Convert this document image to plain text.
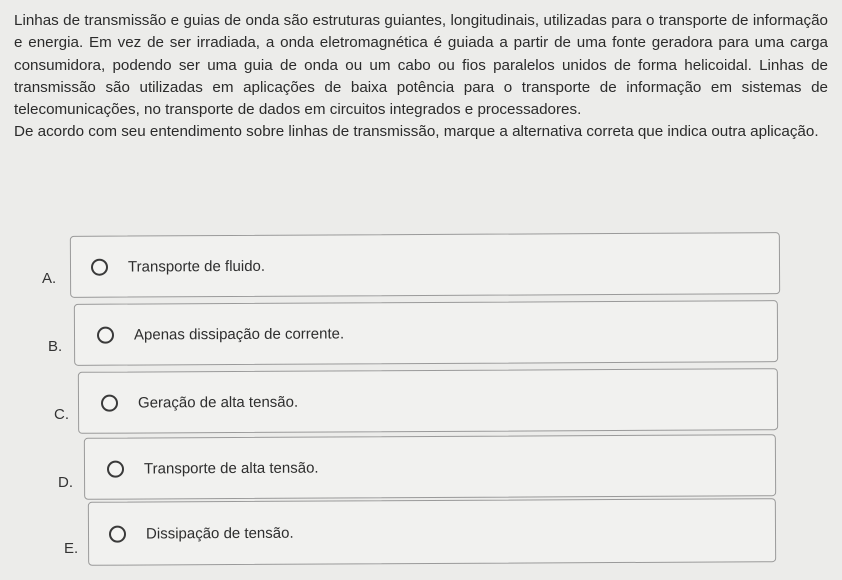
Linhas de transmissão e guias de onda são estruturas guiantes, longitudinais, utilizadas para o transporte de informação e energia. Em vez de ser irradiada, a onda eletromagnética é guiada a partir de uma fonte geradora para uma carga consumidora, podendo ser uma guia de onda ou um cabo ou fios paralelos unidos de forma helicoidal. Linhas de transmissão são utilizadas em aplicações de baixa potência para o transporte de informação em sistemas de telecomunicações, no transporte de dados em circuitos integrados e processadores.

De acordo com seu entendimento sobre linhas de transmissão, marque a alternativa correta que indica outra aplicação.

A.
Transporte de fluido.
B.
Apenas dissipação de corrente.
C.
Geração de alta tensão.
D.
Transporte de alta tensão.
E.
Dissipação de tensão.
